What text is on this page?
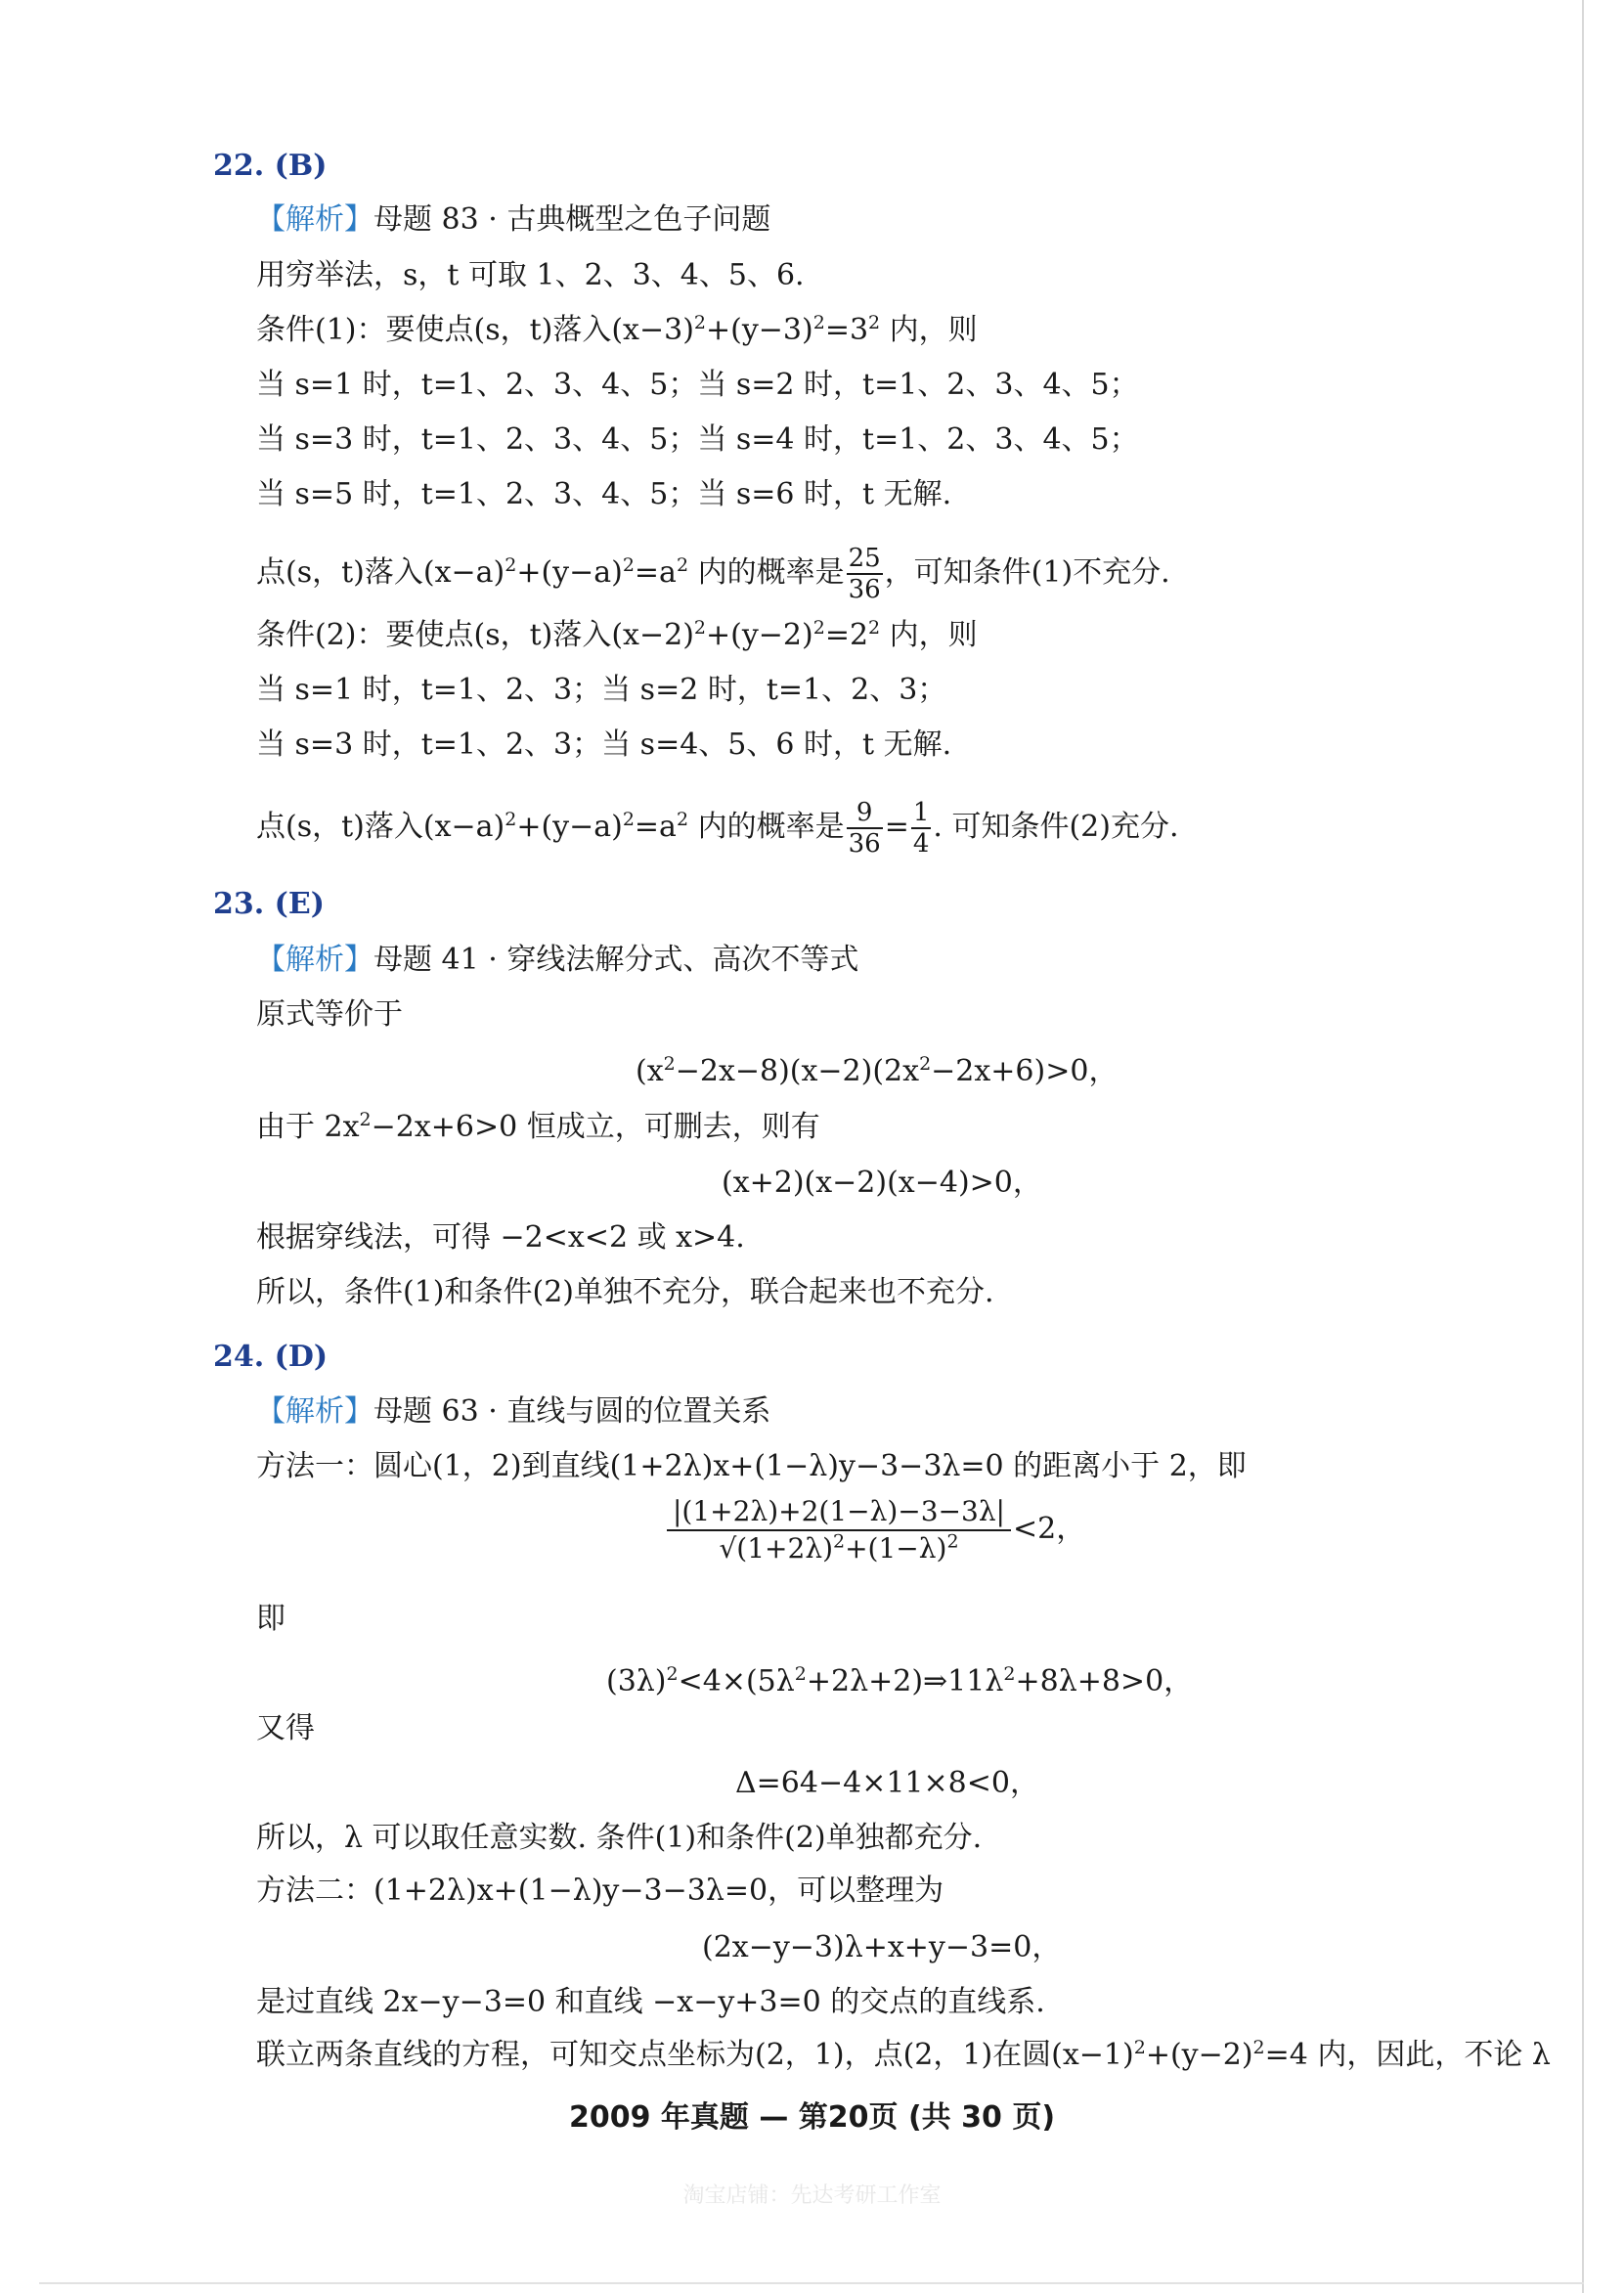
22. (B)
【解析】母题 83 · 古典概型之色子问题
用穷举法，s，t 可取 1、2、3、4、5、6.
条件(1)：要使点(s，t)落入$(x-3)^2+(y-3)^2=3^2$ 内，则
当 s=1 时，t=1、2、3、4、5；当 s=2 时，t=1、2、3、4、5；
当 s=3 时，t=1、2、3、4、5；当 s=4 时，t=1、2、3、4、5；
当 s=5 时，t=1、2、3、4、5；当 s=6 时，t 无解.
点(s，t)落入$(x-a)^2+(y-a)^2=a^2$ 内的概率是 $\frac{25}{36}$ ，可知条件(1)不充分.
条件(2)：要使点(s，t)落入$(x-2)^2+(y-2)^2=2^2$ 内，则
当 s=1 时，t=1、2、3；当 s=2 时，t=1、2、3；
当 s=3 时，t=1、2、3；当 s=4、5、6 时，t 无解.
点(s，t)落入$(x-a)^2+(y-a)^2=a^2$ 内的概率是 $\frac{9}{36} = \frac{1}{4}$ . 可知条件(2)充分.
23. (E)
【解析】母题 41 · 穿线法解分式、高次不等式
原式等价于
$(x^2-2x-8)(x-2)(2x^2-2x+6)>0$，
由于 $2x^2-2x+6>0$ 恒成立，可删去，则有
(x+2)(x−2)(x−4)>0，
根据穿线法，可得 −2<x<2 或 x>4.
所以，条件(1)和条件(2)单独不充分，联合起来也不充分.
24. (D)
【解析】母题 63 · 直线与圆的位置关系
方法一：圆心(1，2)到直线(1+2λ)x+(1−λ)y−3−3λ=0 的距离小于 2，即
$\frac{|(1+2\lambda)+2(1-\lambda)-3-3\lambda|}{√(1+2\lambda)^2+(1-\lambda)^2} <2$，
即
$(3\lambda)^2<4\times(5\lambda^2+2\lambda+2)\Rightarrow 11\lambda^2+8\lambda+8>0$，
又得
Δ=64−4×11×8<0，
所以，λ 可以取任意实数. 条件(1)和条件(2)单独都充分.
方法二：(1+2λ)x+(1−λ)y−3−3λ=0，可以整理为
(2x−y−3)λ+x+y−3=0，
是过直线 2x−y−3=0 和直线 −x−y+3=0 的交点的直线系.
联立两条直线的方程，可知交点坐标为(2，1)，点(2，1)在圆$(x-1)^2+(y-2)^2=4$ 内，因此，不论 λ
2009 年真题 — 第20页 (共 30 页)
淘宝店铺：先达考研工作室
